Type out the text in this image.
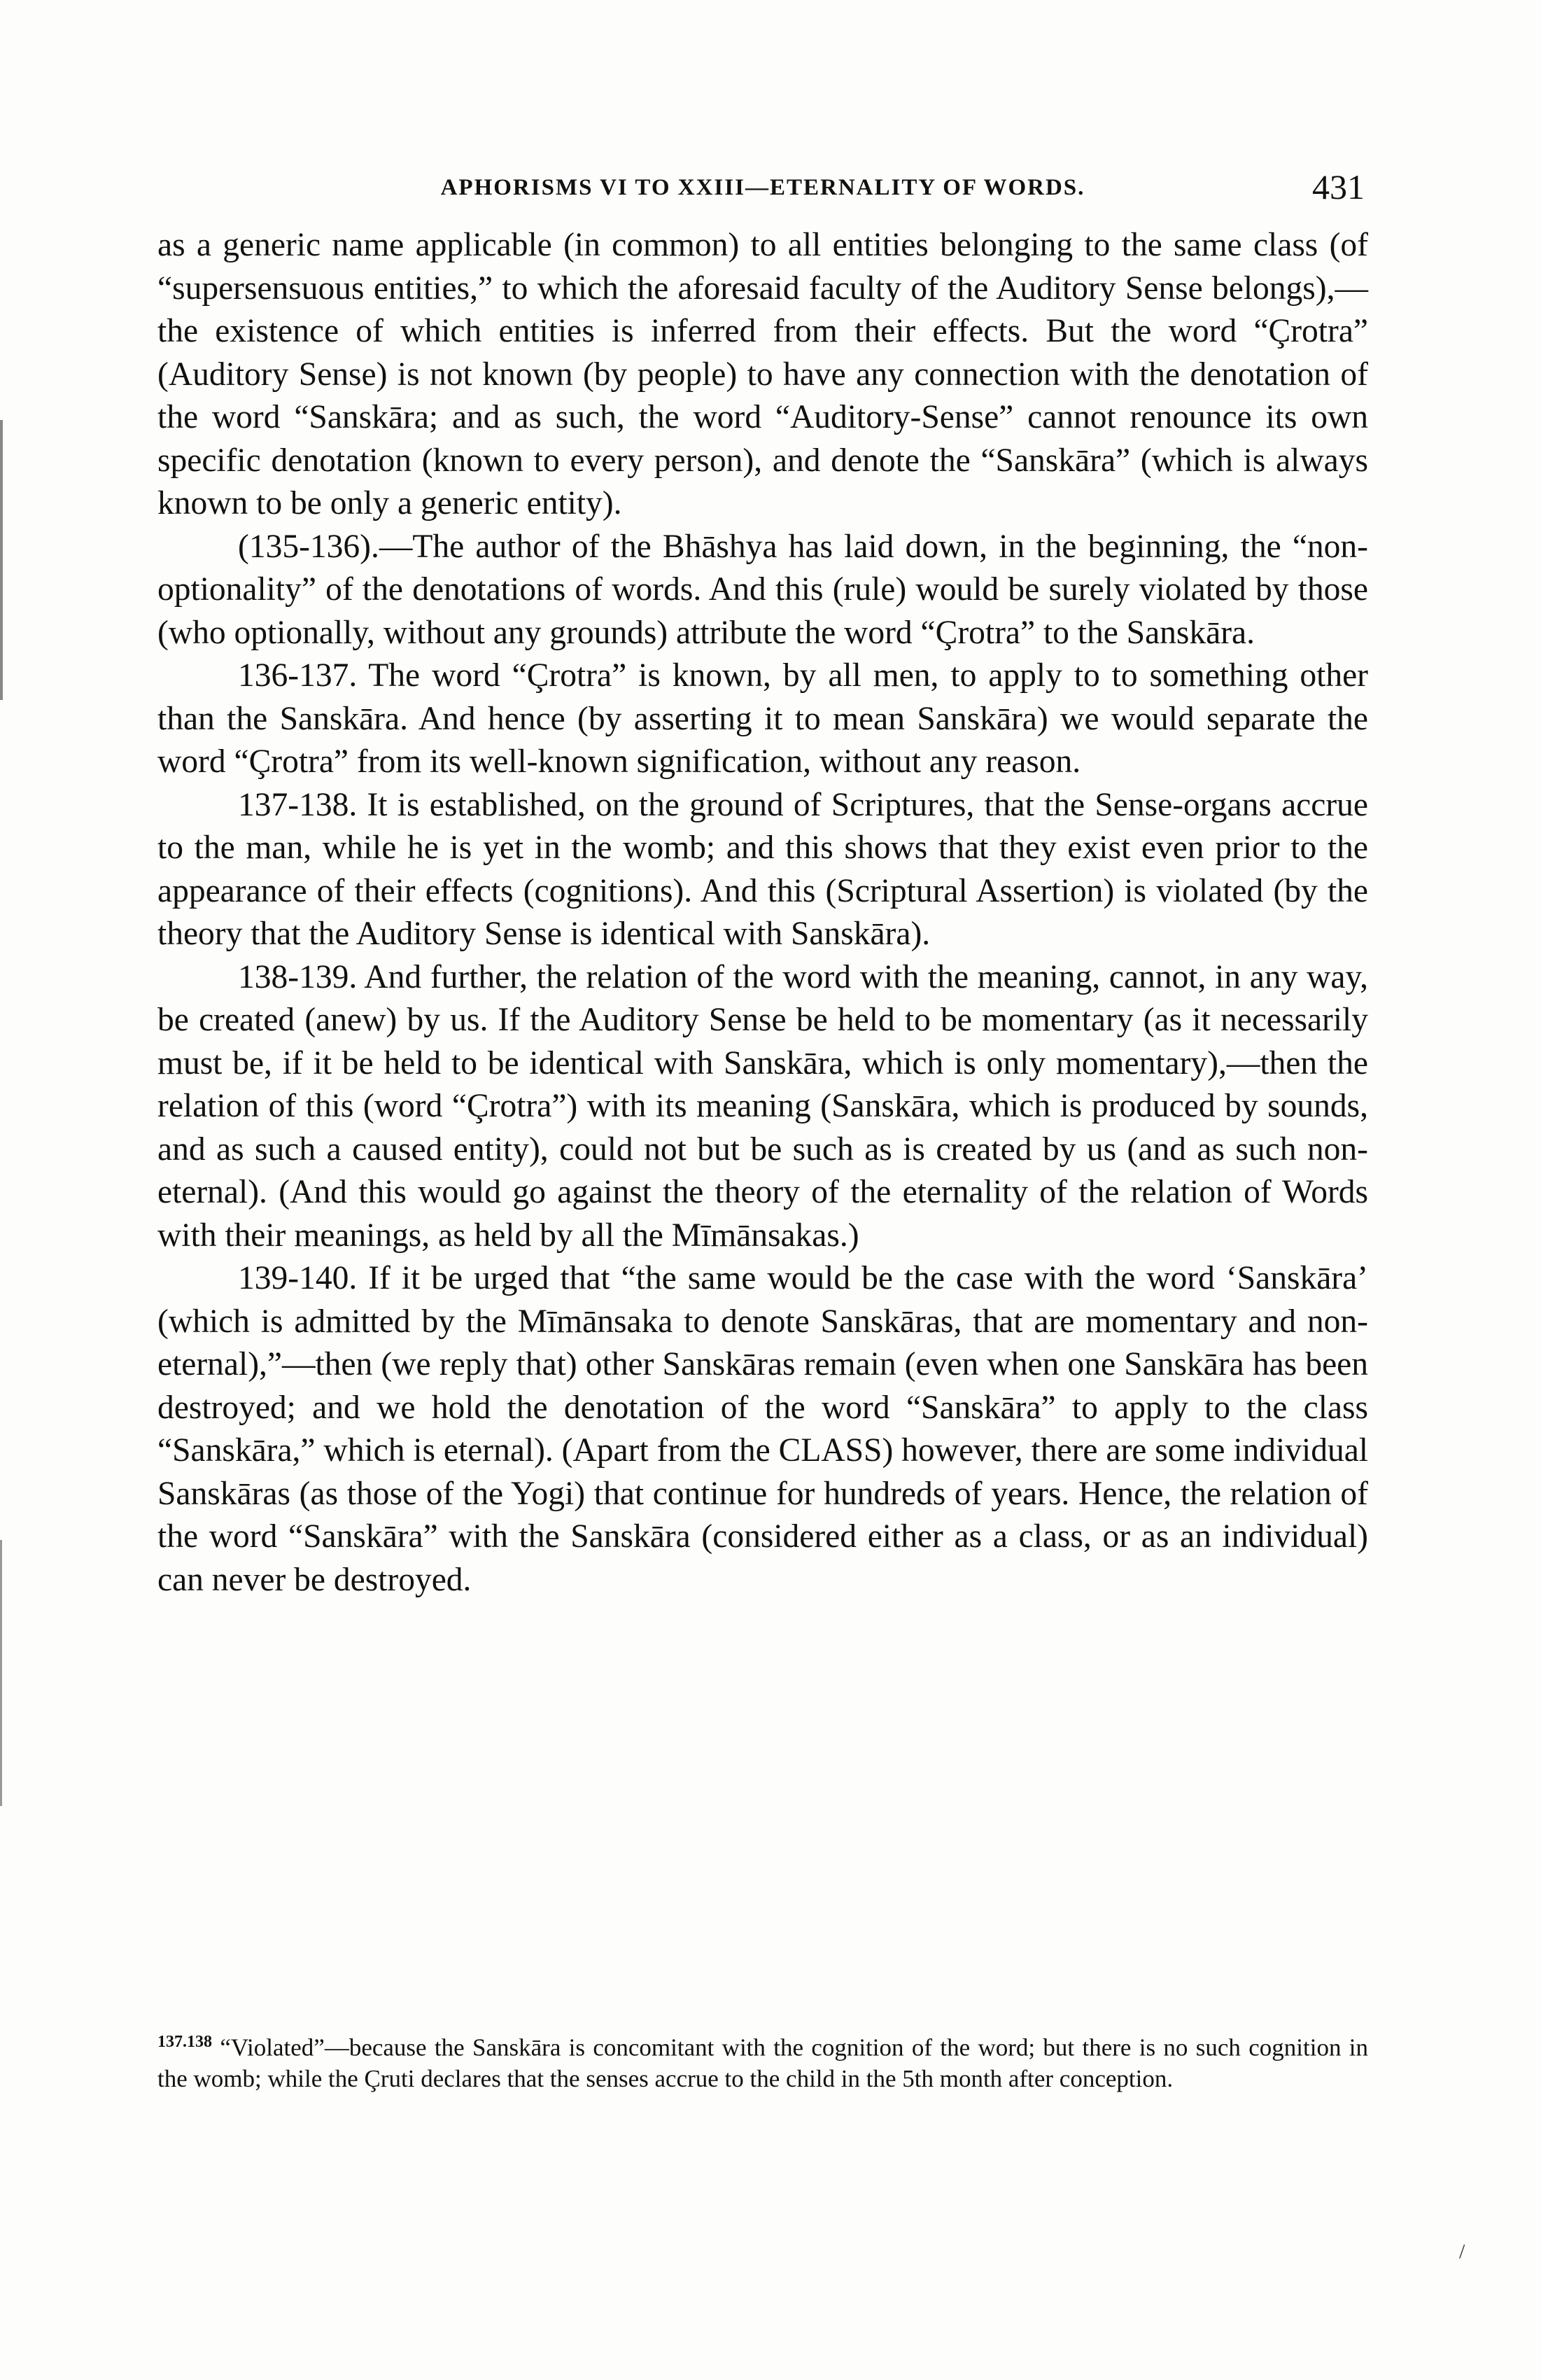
APHORISMS VI TO XXIII—ETERNALITY OF WORDS.	431

as a generic name applicable (in common) to all entities belonging to the same class (of “supersensuous entities,” to which the aforesaid faculty of the Auditory Sense belongs),—the existence of which entities is inferred from their effects. But the word “Çrotra” (Auditory Sense) is not known (by people) to have any connection with the denotation of the word “Sanskāra; and as such, the word “Auditory-Sense” cannot renounce its own specific denotation (known to every person), and denote the “Sanskāra” (which is always known to be only a generic entity).

(135-136).—The author of the Bhāshya has laid down, in the beginning, the “non-optionality” of the denotations of words. And this (rule) would be surely violated by those (who optionally, without any grounds) attribute the word “Çrotra” to the Sanskāra.

136-137. The word “Çrotra” is known, by all men, to apply to to something other than the Sanskāra. And hence (by asserting it to mean Sanskāra) we would separate the word “Çrotra” from its well-known signification, without any reason.

137-138. It is established, on the ground of Scriptures, that the Sense-organs accrue to the man, while he is yet in the womb; and this shows that they exist even prior to the appearance of their effects (cognitions). And this (Scriptural Assertion) is violated (by the theory that the Auditory Sense is identical with Sanskāra).

138-139. And further, the relation of the word with the meaning, cannot, in any way, be created (anew) by us. If the Auditory Sense be held to be momentary (as it necessarily must be, if it be held to be identical with Sanskāra, which is only momentary),—then the relation of this (word “Çrotra”) with its meaning (Sanskāra, which is produced by sounds, and as such a caused entity), could not but be such as is created by us (and as such non-eternal). (And this would go against the theory of the eternality of the relation of Words with their meanings, as held by all the Mīmānsakas.)

139-140. If it be urged that “the same would be the case with the word ‘Sanskāra’ (which is admitted by the Mīmānsaka to denote Sanskāras, that are momentary and non-eternal),”—then (we reply that) other Sanskāras remain (even when one Sanskāra has been destroyed; and we hold the denotation of the word “Sanskāra” to apply to the class “Sanskāra,” which is eternal). (Apart from the CLASS) however, there are some individual Sanskāras (as those of the Yogi) that continue for hundreds of years. Hence, the relation of the word “Sanskāra” with the Sanskāra (considered either as a class, or as an individual) can never be destroyed.

$^{137.138}$ “Violated”—because the Sanskāra is concomitant with the cognition of the word; but there is no such cognition in the womb; while the Çruti declares that the senses accrue to the child in the 5th month after conception.
/
